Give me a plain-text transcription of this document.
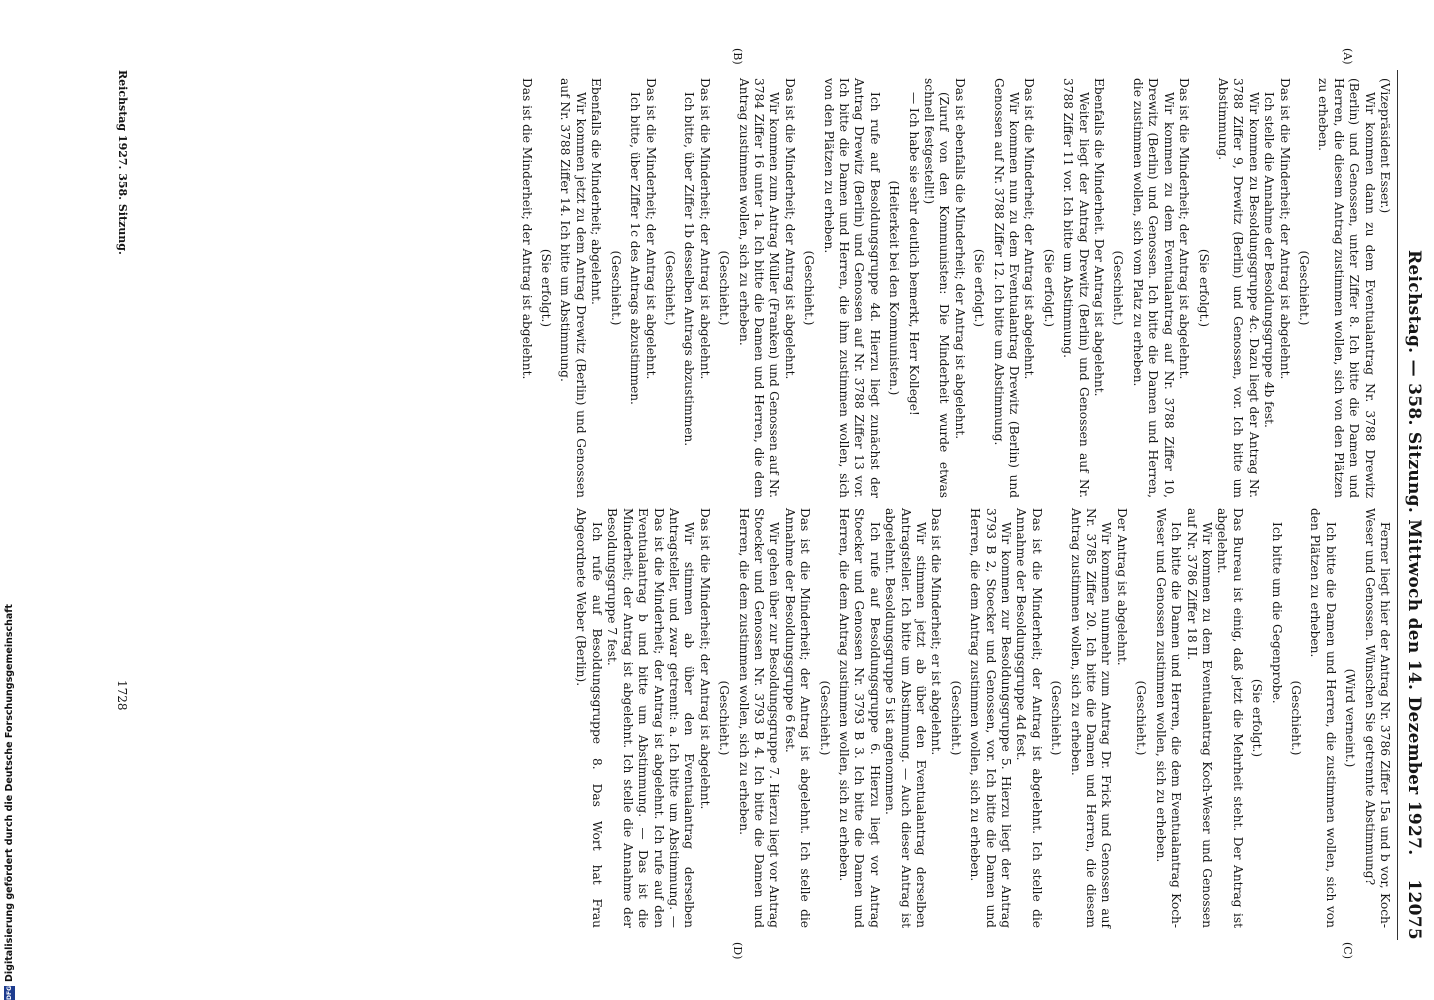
Reichstag. — 358. Sitzung. Mittwoch den 14. Dezember 1927.
12075
(A)
(B)
(C)
(D)

(Vizepräsident Esser.)

Wir kommen dann zu dem Eventualantrag Nr. 3788 Drewitz (Berlin) und Genossen, unter Ziffer 8. Ich bitte die Damen und Herren, die diesem Antrag zustimmen wollen, sich von den Plätzen zu erheben.

(Geschieht.)

Das ist die Minderheit; der Antrag ist abgelehnt.

Ich stelle die Annahme der Besoldungsgruppe 4b fest.

Wir kommen zu Besoldungsgruppe 4c. Dazu liegt der Antrag Nr. 3788 Ziffer 9, Drewitz (Berlin) und Genossen, vor. Ich bitte um Abstimmung.

(Sie erfolgt.)

Das ist die Minderheit; der Antrag ist abgelehnt.

Wir kommen zu dem Eventualantrag auf Nr. 3788 Ziffer 10, Drewitz (Berlin) und Genossen. Ich bitte die Damen und Herren, die zustimmen wollen, sich vom Platz zu erheben.

(Geschieht.)

Ebenfalls die Minderheit. Der Antrag ist abgelehnt.

Weiter liegt der Antrag Drewitz (Berlin) und Genossen auf Nr. 3788 Ziffer 11 vor. Ich bitte um Abstimmung.

(Sie erfolgt.)

Das ist die Minderheit; der Antrag ist abgelehnt.

Wir kommen nun zu dem Eventualantrag Drewitz (Berlin) und Genossen auf Nr. 3788 Ziffer 12. Ich bitte um Abstimmung.

(Sie erfolgt.)

Das ist ebenfalls die Minderheit; der Antrag ist abgelehnt.

(Zuruf von den Kommunisten: Die Minderheit wurde etwas schnell festgestellt!)

— Ich habe sie sehr deutlich bemerkt, Herr Kollege!

(Heiterkeit bei den Kommunisten.)

Ich rufe auf Besoldungsgruppe 4d. Hierzu liegt zunächst der Antrag Drewitz (Berlin) und Genossen auf Nr. 3788 Ziffer 13 vor. Ich bitte die Damen und Herren, die ihm zustimmen wollen, sich von den Plätzen zu erheben.

(Geschieht.)

Das ist die Minderheit; der Antrag ist abgelehnt.

Wir kommen zum Antrag Müller (Franken) und Genossen auf Nr. 3784 Ziffer 16 unter 1a. Ich bitte die Damen und Herren, die dem Antrag zustimmen wollen, sich zu erheben.

(Geschieht.)

Das ist die Minderheit; der Antrag ist abgelehnt.

Ich bitte, über Ziffer 1b desselben Antrags abzustimmen.

(Geschieht.)

Das ist die Minderheit; der Antrag ist abgelehnt.

Ich bitte, über Ziffer 1c des Antrags abzustimmen.

(Geschieht.)

Ebenfalls die Minderheit; abgelehnt.

Wir kommen jetzt zu dem Antrag Drewitz (Berlin) und Genossen auf Nr. 3788 Ziffer 14. Ich bitte um Abstimmung.

(Sie erfolgt.)

Das ist die Minderheit; der Antrag ist abgelehnt.

Ferner liegt hier der Antrag Nr. 3786 Ziffer 15a und b vor, Koch-Weser und Genossen. Wünschen Sie getrennte Abstimmung?

(Wird verneint.)

Ich bitte die Damen und Herren, die zustimmen wollen, sich von den Plätzen zu erheben.

(Geschieht.)

Ich bitte um die Gegenprobe.

(Sie erfolgt.)

Das Bureau ist einig, daß jetzt die Mehrheit steht. Der Antrag ist abgelehnt.

Wir kommen zu dem Eventualantrag Koch-Weser und Genossen auf Nr. 3786 Ziffer 18 II.

Ich bitte die Damen und Herren, die dem Eventualantrag Koch-Weser und Genossen zustimmen wollen, sich zu erheben.

(Geschieht.)

Der Antrag ist abgelehnt.

Wir kommen nunmehr zum Antrag Dr. Frick und Genossen auf Nr. 3785 Ziffer 20. Ich bitte die Damen und Herren, die diesem Antrag zustimmen wollen, sich zu erheben.

(Geschieht.)

Das ist die Minderheit; der Antrag ist abgelehnt. Ich stelle die Annahme der Besoldungsgruppe 4d fest.

Wir kommen zur Besoldungsgruppe 5. Hierzu liegt der Antrag 3793 B 2, Stoecker und Genossen, vor. Ich bitte die Damen und Herren, die dem Antrag zustimmen wollen, sich zu erheben.

(Geschieht.)

Das ist die Minderheit; er ist abgelehnt.

Wir stimmen jetzt ab über den Eventualantrag derselben Antragsteller. Ich bitte um Abstimmung. — Auch dieser Antrag ist abgelehnt. Besoldungsgruppe 5 ist angenommen.

Ich rufe auf Besoldungsgruppe 6. Hierzu liegt vor Antrag Stoecker und Genossen Nr. 3793 B 3. Ich bitte die Damen und Herren, die dem Antrag zustimmen wollen, sich zu erheben.

(Geschieht.)

Das ist die Minderheit; der Antrag ist abgelehnt. Ich stelle die Annahme der Besoldungsgruppe 6 fest.

Wir gehen über zur Besoldungsgruppe 7. Hierzu liegt vor Antrag Stoecker und Genossen Nr. 3793 B 4. Ich bitte die Damen und Herren, die dem zustimmen wollen, sich zu erheben.

(Geschieht.)

Das ist die Minderheit; der Antrag ist abgelehnt.

Wir stimmen ab über den Eventualantrag derselben Antragsteller, und zwar getrennt: a. Ich bitte um Abstimmung. — Das ist die Minderheit; der Antrag ist abgelehnt. Ich rufe auf den Eventualantrag b und bitte um Abstimmung. — Das ist die Minderheit; der Antrag ist abgelehnt. Ich stelle die Annahme der Besoldungsgruppe 7 fest.

Ich rufe auf Besoldungsgruppe 8. Das Wort hat Frau Abgeordnete Weber (Berlin).

Reichstag 1927. 358. Sitzung.
1728
DFG
Digitalisierung gefördert durch die Deutsche Forschungsgemeinschaft
